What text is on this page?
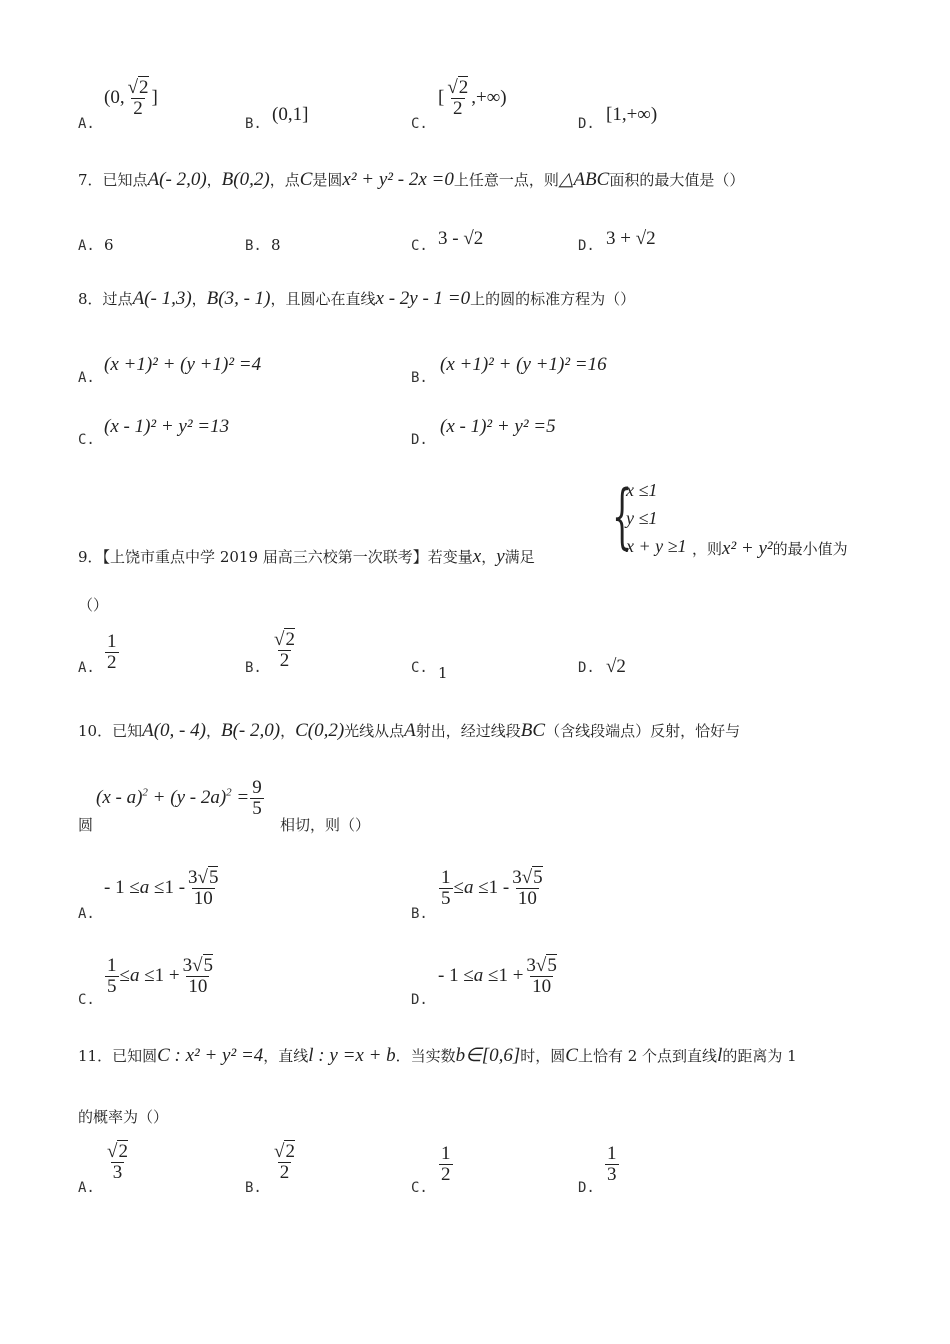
A.
(0, $\frac{√2}{2}$ ]
B. (0,1]	C.
[ $\frac{√2}{2}$ ,+∞)
D. [1,+∞)
7．已知点A(- 2,0)，B(0,2)，点C是圆x² + y² - 2x =0上任意一点，则△ABC面积的最大值是（）
A. 6	B. 8	C. 3 - √2	D. 3 + √2
8．过点A(- 1,3)，B(3, - 1)，且圆心在直线x - 2y - 1 =0上的圆的标准方程为（）
A.
(x +1)² + (y +1)² =4
B.
(x +1)² + (y +1)² =16
C.
(x - 1)² + y² =13
D.
(x - 1)² + y² =5
9．【上饶市重点中学 2019 届高三六校第一次联考】若变量x，y满足 {
x ≤1
y ≤1
x + y ≥1 ，则x² + y²的最小值为
（）
A. $\frac{1}{2}$	B. $\frac{√2}{2}$	C. 1	D. √2
10．已知A(0, - 4)，B(- 2,0)，C(0,2)光线从点A射出，经过线段BC（含线段端点）反射，恰好与
圆
$(x - a)^2 + (y - 2a)^2 = \frac{9}{5}$
相切，则（）
A.
- $1 \le a \le 1 - \frac{3√5}{10}$
B.
$\frac{1}{5} \le a \le 1 - \frac{3√5}{10}$
C.
$\frac{1}{5} \le a \le 1 + \frac{3√5}{10}$
D.
- $1 \le a \le 1 + \frac{3√5}{10}$
11．已知圆C : x² + y² =4，直线l : y =x + b．当实数b∈[0,6]时，圆C上恰有 2 个点到直线l的距离为 1
的概率为（）
A.
$\frac{√2}{3}$
B.
$\frac{√2}{2}$
C.
$\frac{1}{2}$
D.
$\frac{1}{3}$
